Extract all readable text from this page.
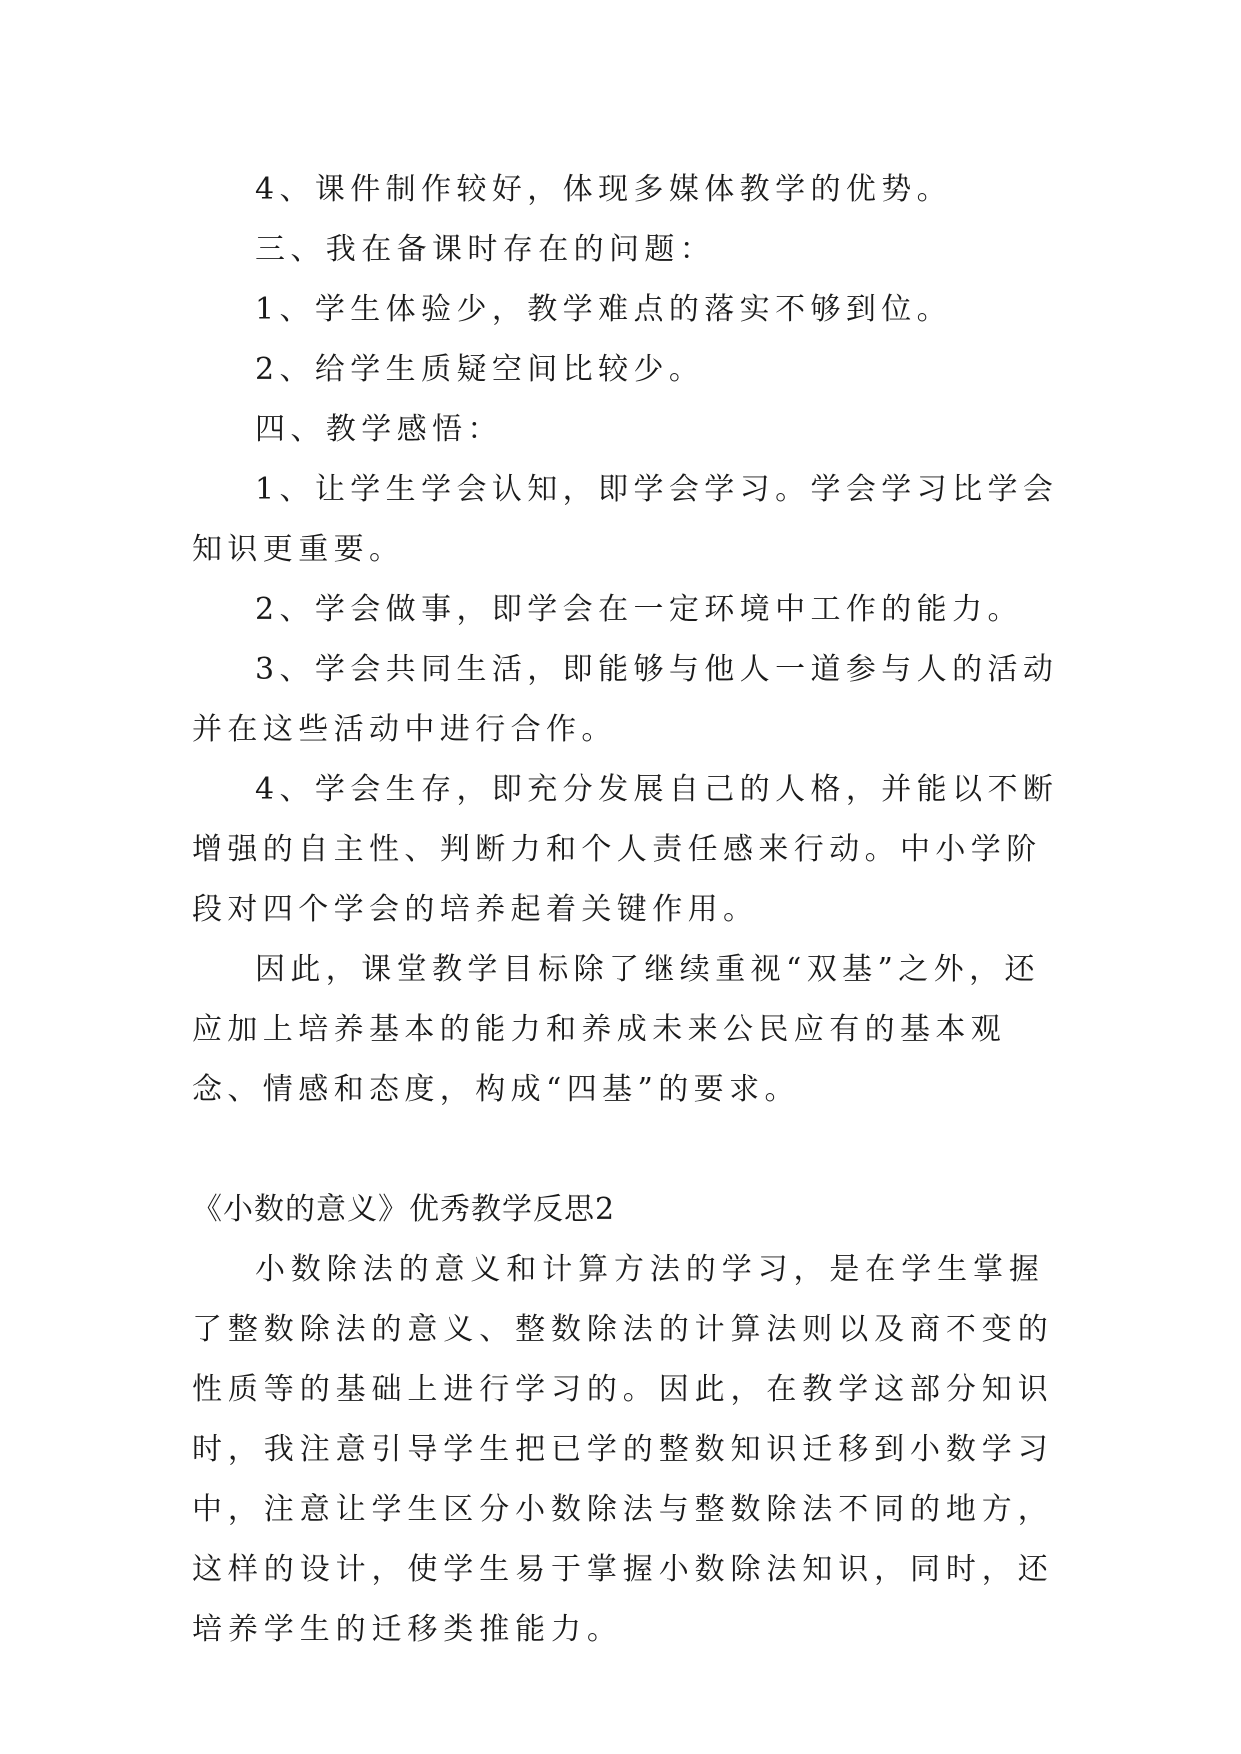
4、课件制作较好，体现多媒体教学的优势。

三、我在备课时存在的问题：

1、学生体验少，教学难点的落实不够到位。

2、给学生质疑空间比较少。

四、教学感悟：

1、让学生学会认知，即学会学习。学会学习比学会知识更重要。

2、学会做事，即学会在一定环境中工作的能力。

3、学会共同生活，即能够与他人一道参与人的活动并在这些活动中进行合作。

4、学会生存，即充分发展自己的人格，并能以不断增强的自主性、判断力和个人责任感来行动。中小学阶段对四个学会的培养起着关键作用。

因此，课堂教学目标除了继续重视“双基”之外，还应加上培养基本的能力和养成未来公民应有的基本观念、情感和态度，构成“四基”的要求。

《小数的意义》优秀教学反思2

小数除法的意义和计算方法的学习，是在学生掌握了整数除法的意义、整数除法的计算法则以及商不变的性质等的基础上进行学习的。因此，在教学这部分知识时，我注意引导学生把已学的整数知识迁移到小数学习中，注意让学生区分小数除法与整数除法不同的地方，这样的设计，使学生易于掌握小数除法知识，同时，还培养学生的迁移类推能力。
